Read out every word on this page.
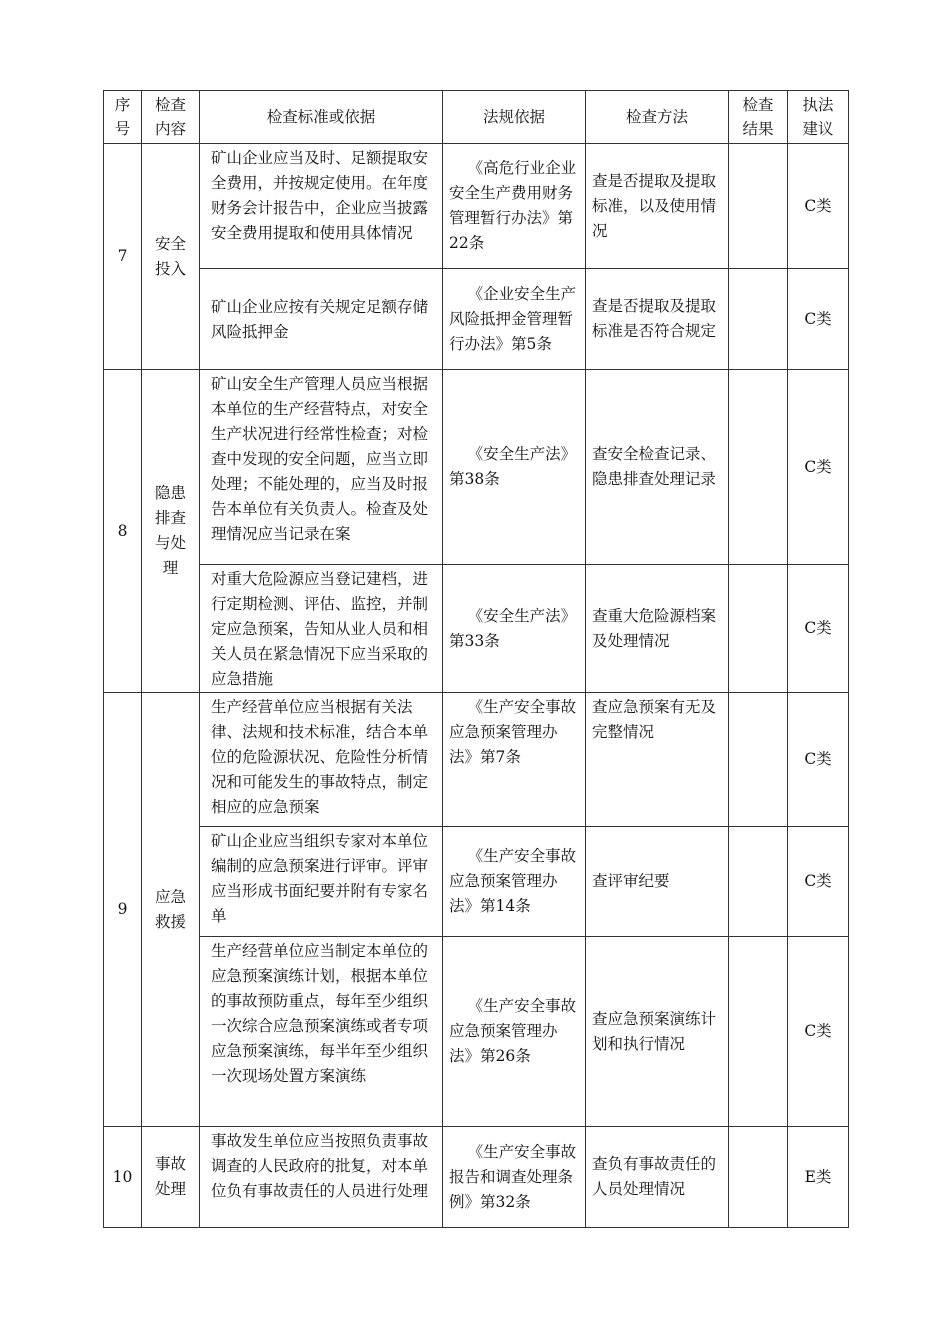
序号	检查内容	检查标准或依据	法规依据	检查方法	检查结果	执法建议
7	安全投入	矿山企业应当及时、足额提取安全费用，并按规定使用。在年度财务会计报告中，企业应当披露安全费用提取和使用具体情况	《高危行业企业安全生产费用财务管理暂行办法》第22条	查是否提取及提取标准，以及使用情况		C类
		矿山企业应按有关规定足额存储风险抵押金	《企业安全生产风险抵押金管理暂行办法》第5条	查是否提取及提取标准是否符合规定		C类
8	隐患排查与处理	矿山安全生产管理人员应当根据本单位的生产经营特点，对安全生产状况进行经常性检查；对检查中发现的安全问题，应当立即处理；不能处理的，应当及时报告本单位有关负责人。检查及处理情况应当记录在案	《安全生产法》第38条	查安全检查记录、隐患排查处理记录		C类
		对重大危险源应当登记建档，进行定期检测、评估、监控，并制定应急预案，告知从业人员和相关人员在紧急情况下应当采取的应急措施	《安全生产法》第33条	查重大危险源档案及处理情况		C类
9	应急救援	生产经营单位应当根据有关法律、法规和技术标准，结合本单位的危险源状况、危险性分析情况和可能发生的事故特点，制定相应的应急预案	《生产安全事故应急预案管理办法》第7条	查应急预案有无及完整情况		C类
		矿山企业应当组织专家对本单位编制的应急预案进行评审。评审应当形成书面纪要并附有专家名单	《生产安全事故应急预案管理办法》第14条	查评审纪要		C类
		生产经营单位应当制定本单位的应急预案演练计划，根据本单位的事故预防重点，每年至少组织一次综合应急预案演练或者专项应急预案演练，每半年至少组织一次现场处置方案演练	《生产安全事故应急预案管理办法》第26条	查应急预案演练计划和执行情况		C类
10	事故处理	事故发生单位应当按照负责事故调查的人民政府的批复，对本单位负有事故责任的人员进行处理	《生产安全事故报告和调查处理条例》第32条	查负有事故责任的人员处理情况		E类
